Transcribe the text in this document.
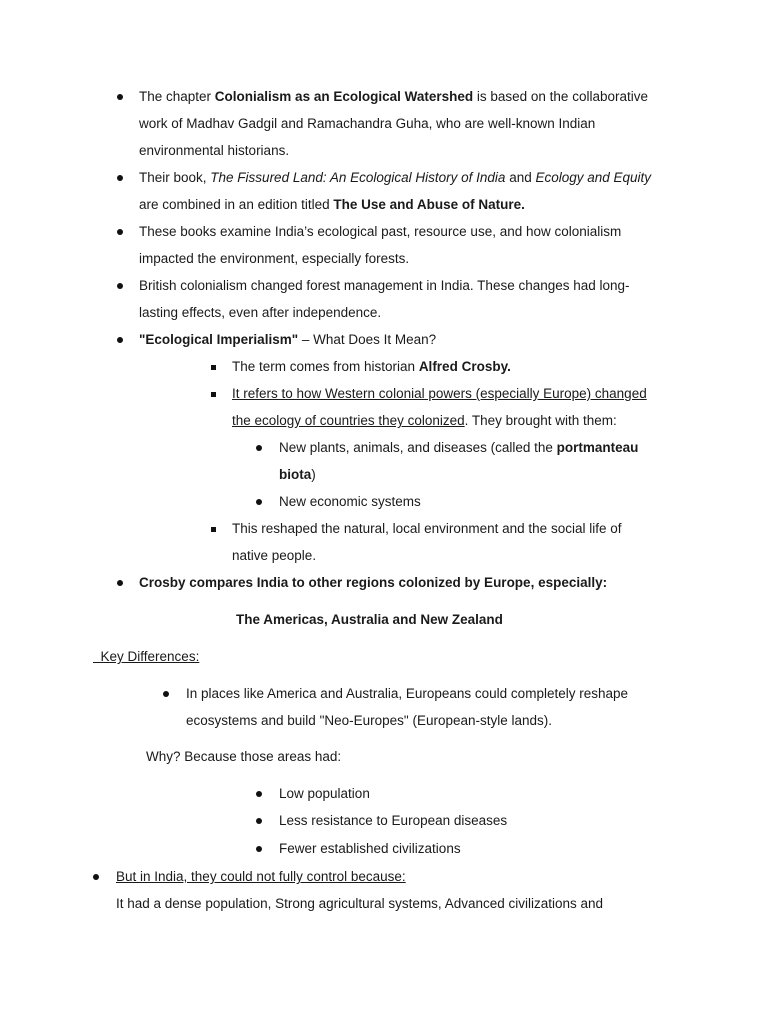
The chapter Colonialism as an Ecological Watershed is based on the collaborative
work of Madhav Gadgil and Ramachandra Guha, who are well-known Indian
environmental historians.
Their book, The Fissured Land: An Ecological History of India and Ecology and Equity
are combined in an edition titled The Use and Abuse of Nature.
These books examine India’s ecological past, resource use, and how colonialism
impacted the environment, especially forests.
British colonialism changed forest management in India. These changes had long-
lasting effects, even after independence.
"Ecological Imperialism" – What Does It Mean?
The term comes from historian Alfred Crosby.
It refers to how Western colonial powers (especially Europe) changed
the ecology of countries they colonized. They brought with them:
New plants, animals, and diseases (called the portmanteau
biota)
New economic systems
This reshaped the natural, local environment and the social life of
native people.
Crosby compares India to other regions colonized by Europe, especially:
The Americas, Australia and New Zealand
Key Differences:
In places like America and Australia, Europeans could completely reshape
ecosystems and build "Neo-Europes" (European-style lands).
Why? Because those areas had:
Low population
Less resistance to European diseases
Fewer established civilizations
But in India, they could not fully control because:
It had a dense population, Strong agricultural systems, Advanced civilizations and
